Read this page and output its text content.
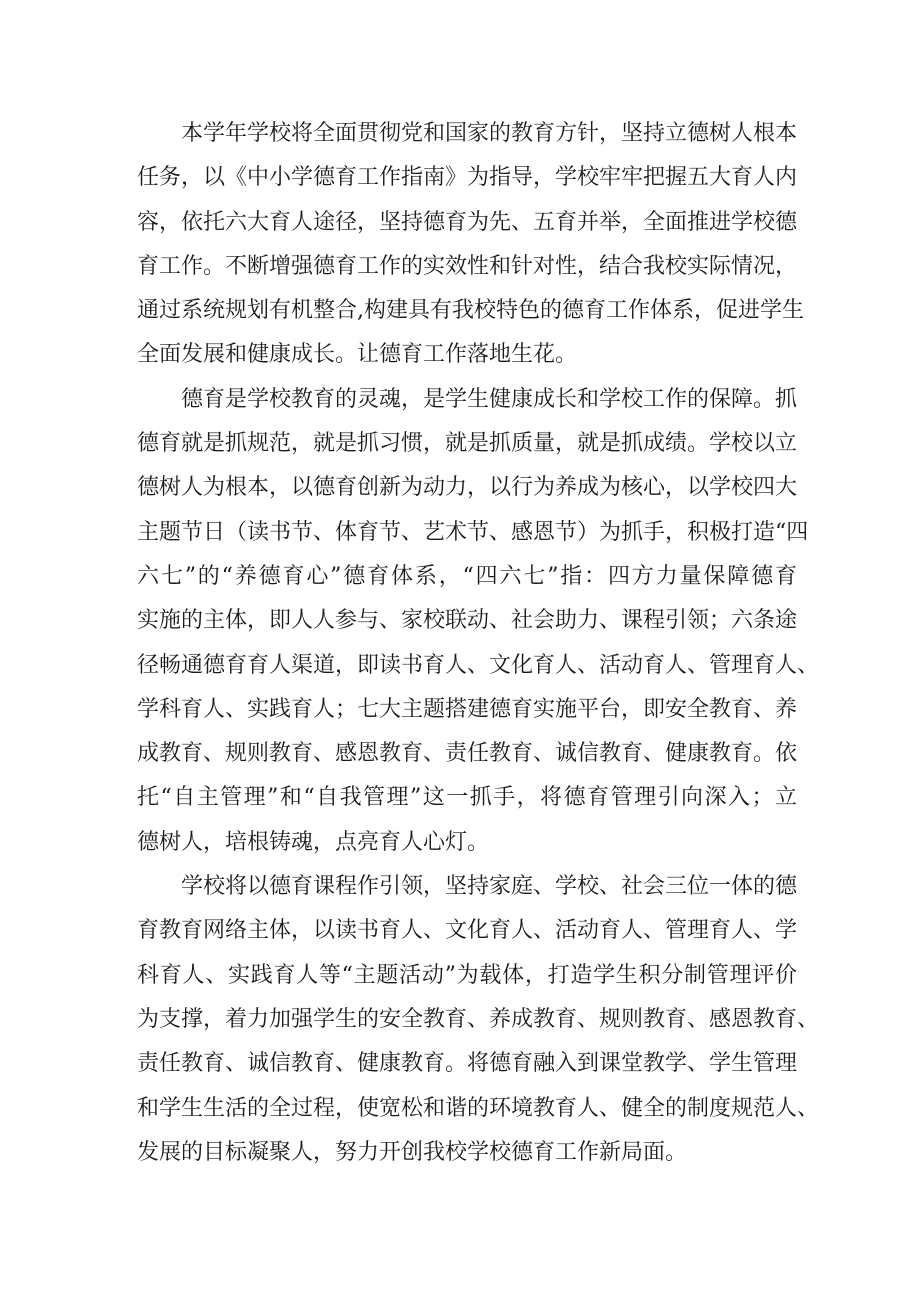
本学年学校将全面贯彻党和国家的教育方针，坚持立德树人根本
任务，以《中小学德育工作指南》为指导，学校牢牢把握五大育人内
容，依托六大育人途径，坚持德育为先、五育并举，全面推进学校德
育工作。不断增强德育工作的实效性和针对性，结合我校实际情况，
通过系统规划有机整合,构建具有我校特色的德育工作体系，促进学生
全面发展和健康成长。让德育工作落地生花。
德育是学校教育的灵魂，是学生健康成长和学校工作的保障。抓
德育就是抓规范，就是抓习惯，就是抓质量，就是抓成绩。学校以立
德树人为根本，以德育创新为动力，以行为养成为核心，以学校四大
主题节日（读书节、体育节、艺术节、感恩节）为抓手，积极打造“四
六七”的“养德育心”德育体系，“四六七”指：四方力量保障德育
实施的主体，即人人参与、家校联动、社会助力、课程引领；六条途
径畅通德育育人渠道，即读书育人、文化育人、活动育人、管理育人、
学科育人、实践育人；七大主题搭建德育实施平台，即安全教育、养
成教育、规则教育、感恩教育、责任教育、诚信教育、健康教育。依
托“自主管理”和“自我管理”这一抓手，将德育管理引向深入；立
德树人，培根铸魂，点亮育人心灯。
学校将以德育课程作引领，坚持家庭、学校、社会三位一体的德
育教育网络主体，以读书育人、文化育人、活动育人、管理育人、学
科育人、实践育人等“主题活动”为载体，打造学生积分制管理评价
为支撑，着力加强学生的安全教育、养成教育、规则教育、感恩教育、
责任教育、诚信教育、健康教育。将德育融入到课堂教学、学生管理
和学生生活的全过程，使宽松和谐的环境教育人、健全的制度规范人、
发展的目标凝聚人，努力开创我校学校德育工作新局面。
